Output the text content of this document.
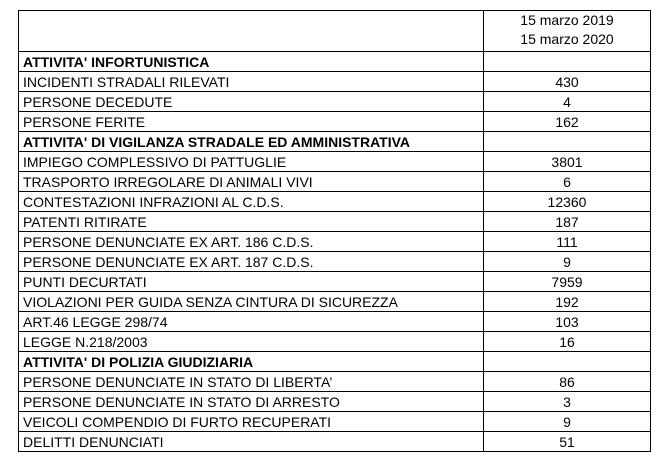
	15 marzo 2019
15 marzo 2020

ATTIVITA' INFORTUNISTICA	
INCIDENTI STRADALI RILEVATI	430
PERSONE DECEDUTE	4
PERSONE FERITE	162
ATTIVITA' DI VIGILANZA STRADALE ED AMMINISTRATIVA	
IMPIEGO COMPLESSIVO DI PATTUGLIE	3801
TRASPORTO IRREGOLARE DI ANIMALI VIVI	6
CONTESTAZIONI INFRAZIONI AL C.D.S.	12360
PATENTI RITIRATE	187
PERSONE DENUNCIATE EX ART. 186 C.D.S.	111
PERSONE DENUNCIATE EX ART. 187 C.D.S.	9
PUNTI DECURTATI	7959
VIOLAZIONI PER GUIDA SENZA CINTURA DI SICUREZZA	192
ART.46 LEGGE 298/74	103
LEGGE N.218/2003	16
ATTIVITA' DI POLIZIA GIUDIZIARIA	
PERSONE DENUNCIATE IN STATO DI LIBERTA’	86
PERSONE DENUNCIATE IN STATO DI ARRESTO	3
VEICOLI COMPENDIO DI FURTO RECUPERATI	9
DELITTI DENUNCIATI	51
